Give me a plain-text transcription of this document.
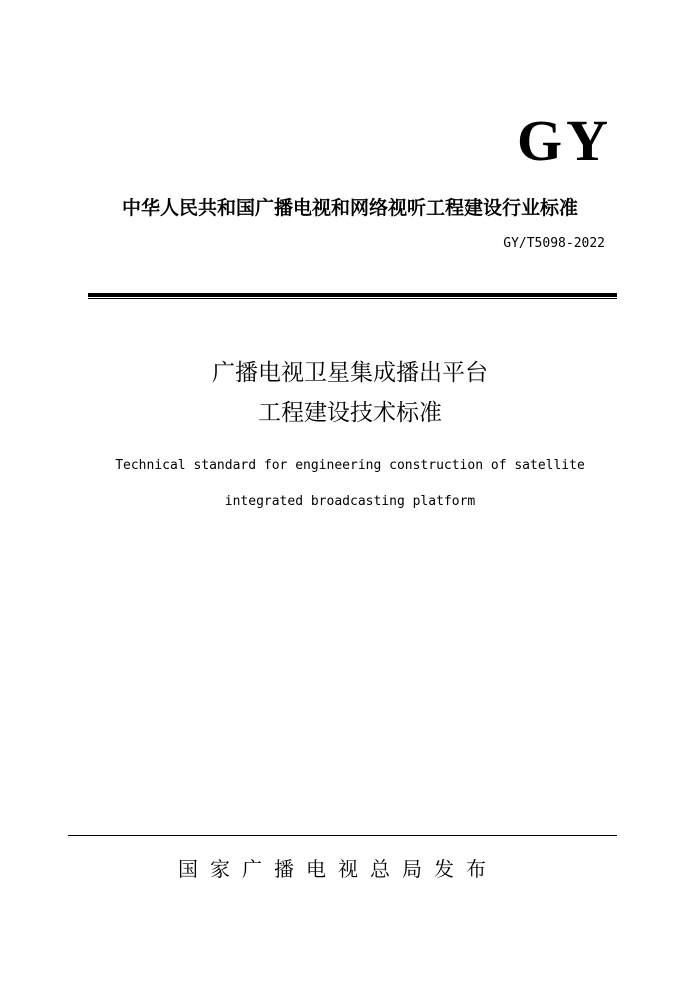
GY
中华人民共和国广播电视和网络视听工程建设行业标准
GY/T5098-2022
广播电视卫星集成播出平台
工程建设技术标准
Technical standard for engineering construction of satellite
integrated broadcasting platform
国家广播电视总局发布
